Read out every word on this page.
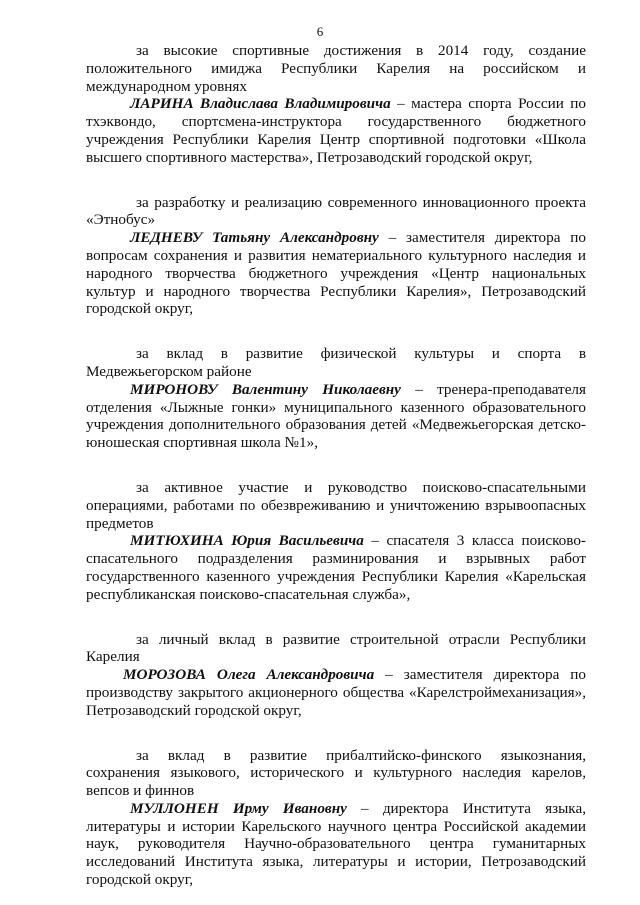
6

за высокие спортивные достижения в 2014 году, создание положительного имиджа Республики Карелия на российском и международном уровнях

ЛАРИНА Владислава Владимировича – мастера спорта России по тхэквондо, спортсмена-инструктора государственного бюджетного учреждения Республики Карелия Центр спортивной подготовки «Школа высшего спортивного мастерства», Петрозаводский городской округ,

за разработку и реализацию современного инновационного проекта «Этнобус»

ЛЕДНЕВУ Татьяну Александровну – заместителя директора по вопросам сохранения и развития нематериального культурного наследия и народного творчества бюджетного учреждения «Центр национальных культур и народного творчества Республики Карелия», Петрозаводский городской округ,

за вклад в развитие физической культуры и спорта в Медвежьегорском районе

МИРОНОВУ Валентину Николаевну – тренера-преподавателя отделения «Лыжные гонки» муниципального казенного образовательного учреждения дополнительного образования детей «Медвежьегорская детско-юношеская спортивная школа №1»,

за активное участие и руководство поисково-спасательными операциями, работами по обезвреживанию и уничтожению взрывоопасных предметов

МИТЮХИНА Юрия Васильевича – спасателя 3 класса поисково-спасательного подразделения разминирования и взрывных работ государственного казенного учреждения Республики Карелия «Карельская республиканская поисково-спасательная служба»,

за личный вклад в развитие строительной отрасли Республики Карелия

МОРОЗОВА Олега Александровича – заместителя директора по производству закрытого акционерного общества «Карелстроймеханизация», Петрозаводский городской округ,

за вклад в развитие прибалтийско-финского языкознания, сохранения языкового, исторического и культурного наследия карелов, вепсов и финнов

МУЛЛОНЕН Ирму Ивановну – директора Института языка, литературы и истории Карельского научного центра Российской академии наук, руководителя Научно-образовательного центра гуманитарных исследований Института языка, литературы и истории, Петрозаводский городской округ,
